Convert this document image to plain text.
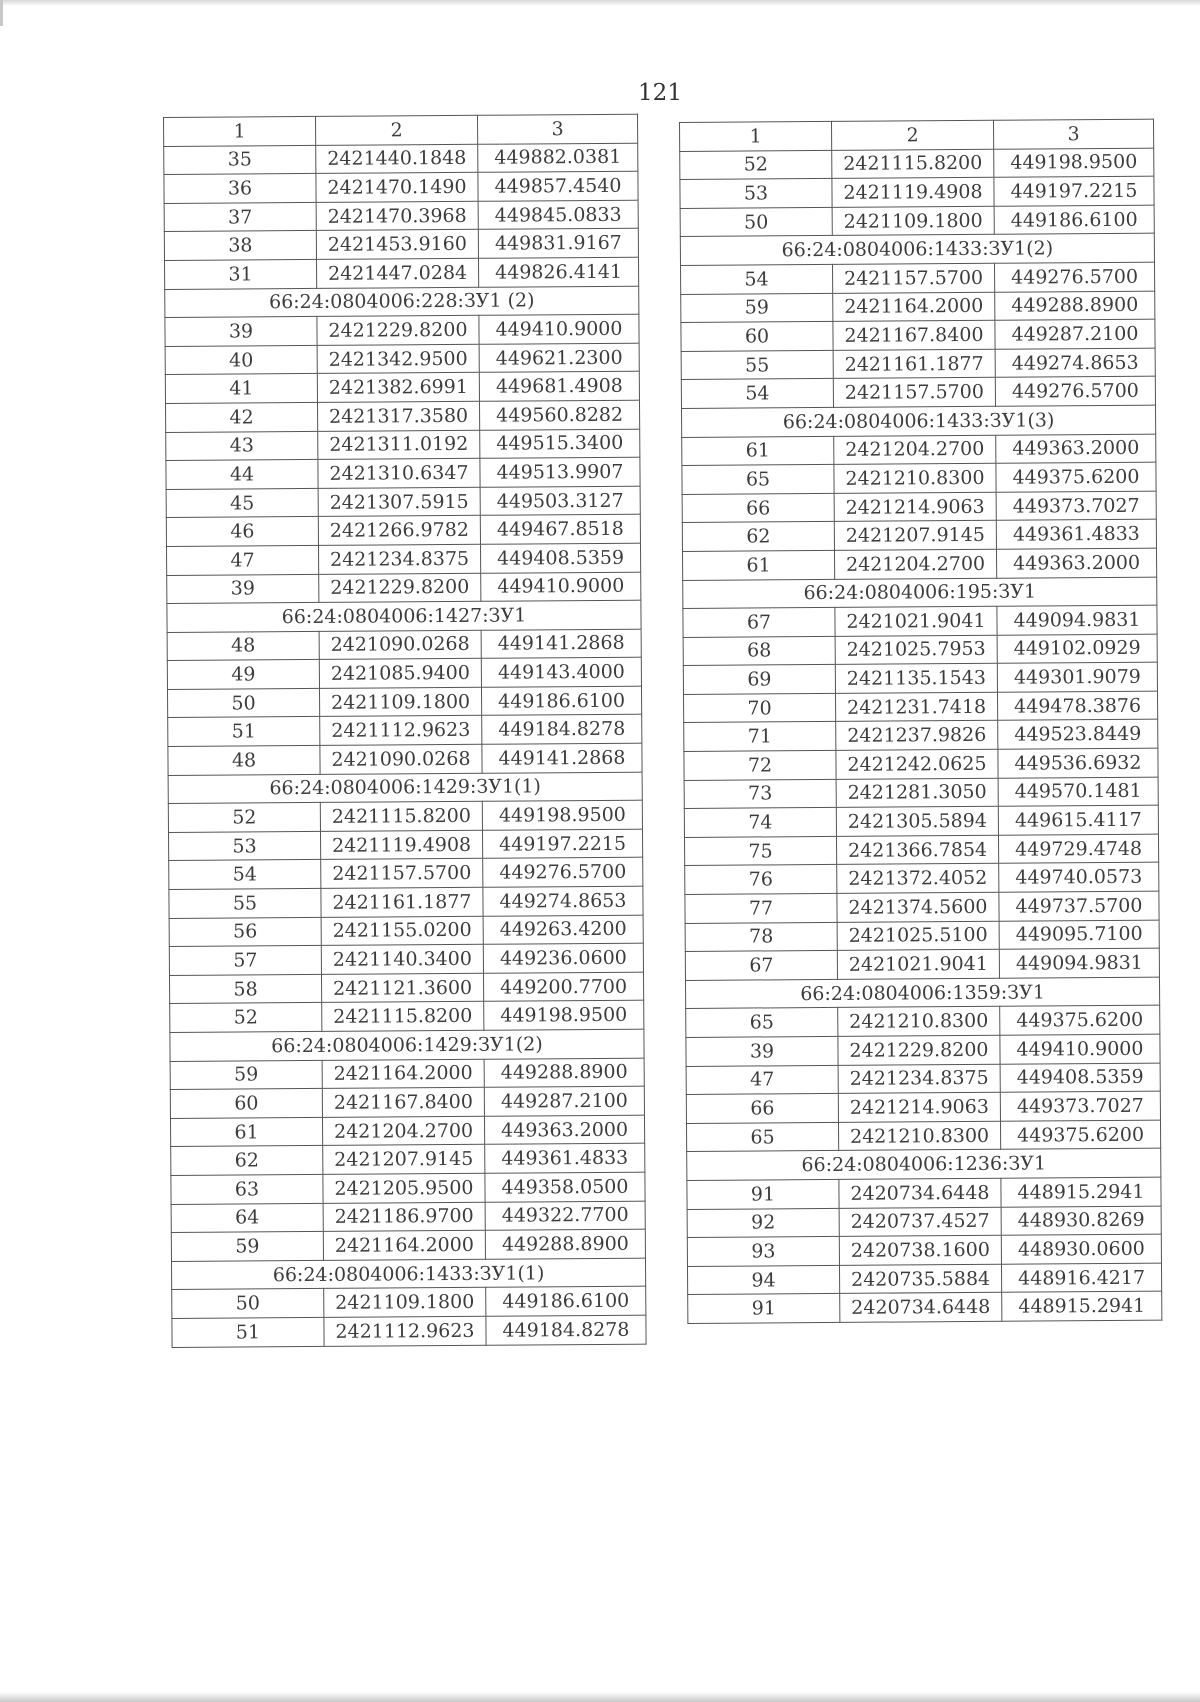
121
1	2	3
35	2421440.1848	449882.0381
36	2421470.1490	449857.4540
37	2421470.3968	449845.0833
38	2421453.9160	449831.9167
31	2421447.0284	449826.4141
66:24:0804006:228:ЗУ1 (2)		
39	2421229.8200	449410.9000
40	2421342.9500	449621.2300
41	2421382.6991	449681.4908
42	2421317.3580	449560.8282
43	2421311.0192	449515.3400
44	2421310.6347	449513.9907
45	2421307.5915	449503.3127
46	2421266.9782	449467.8518
47	2421234.8375	449408.5359
39	2421229.8200	449410.9000
66:24:0804006:1427:ЗУ1		
48	2421090.0268	449141.2868
49	2421085.9400	449143.4000
50	2421109.1800	449186.6100
51	2421112.9623	449184.8278
48	2421090.0268	449141.2868
66:24:0804006:1429:ЗУ1(1)		
52	2421115.8200	449198.9500
53	2421119.4908	449197.2215
54	2421157.5700	449276.5700
55	2421161.1877	449274.8653
56	2421155.0200	449263.4200
57	2421140.3400	449236.0600
58	2421121.3600	449200.7700
52	2421115.8200	449198.9500
66:24:0804006:1429:ЗУ1(2)		
59	2421164.2000	449288.8900
60	2421167.8400	449287.2100
61	2421204.2700	449363.2000
62	2421207.9145	449361.4833
63	2421205.9500	449358.0500
64	2421186.9700	449322.7700
59	2421164.2000	449288.8900
66:24:0804006:1433:ЗУ1(1)		
50	2421109.1800	449186.6100
51	2421112.9623	449184.8278
1	2	3
52	2421115.8200	449198.9500
53	2421119.4908	449197.2215
50	2421109.1800	449186.6100
66:24:0804006:1433:ЗУ1(2)		
54	2421157.5700	449276.5700
59	2421164.2000	449288.8900
60	2421167.8400	449287.2100
55	2421161.1877	449274.8653
54	2421157.5700	449276.5700
66:24:0804006:1433:ЗУ1(3)		
61	2421204.2700	449363.2000
65	2421210.8300	449375.6200
66	2421214.9063	449373.7027
62	2421207.9145	449361.4833
61	2421204.2700	449363.2000
66:24:0804006:195:ЗУ1		
67	2421021.9041	449094.9831
68	2421025.7953	449102.0929
69	2421135.1543	449301.9079
70	2421231.7418	449478.3876
71	2421237.9826	449523.8449
72	2421242.0625	449536.6932
73	2421281.3050	449570.1481
74	2421305.5894	449615.4117
75	2421366.7854	449729.4748
76	2421372.4052	449740.0573
77	2421374.5600	449737.5700
78	2421025.5100	449095.7100
67	2421021.9041	449094.9831
66:24:0804006:1359:ЗУ1		
65	2421210.8300	449375.6200
39	2421229.8200	449410.9000
47	2421234.8375	449408.5359
66	2421214.9063	449373.7027
65	2421210.8300	449375.6200
66:24:0804006:1236:ЗУ1		
91	2420734.6448	448915.2941
92	2420737.4527	448930.8269
93	2420738.1600	448930.0600
94	2420735.5884	448916.4217
91	2420734.6448	448915.2941
